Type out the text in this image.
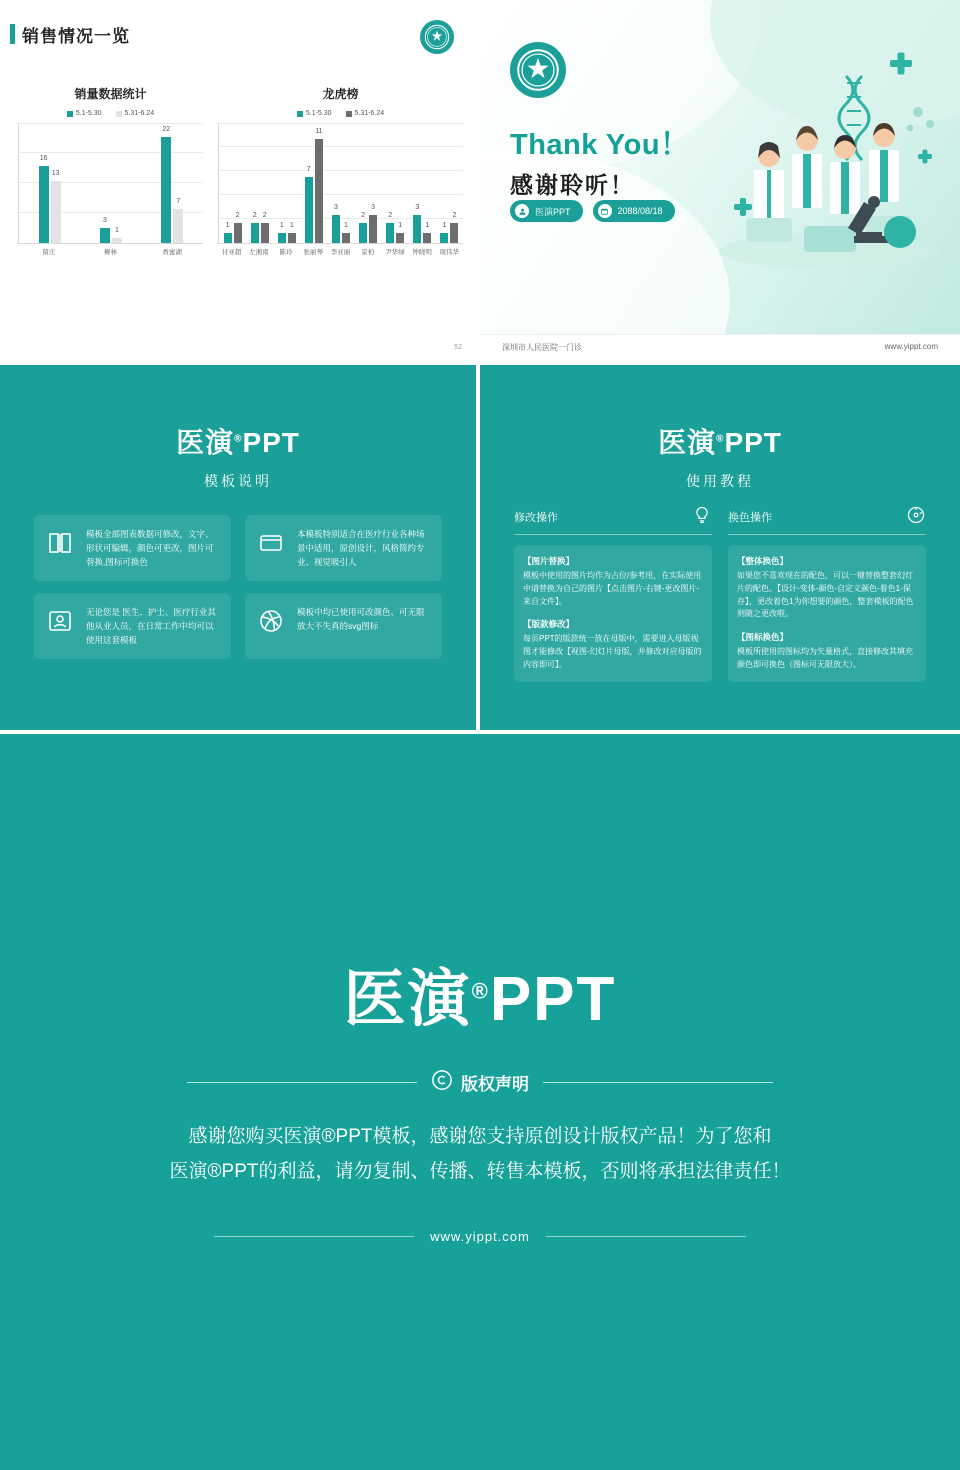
销售情况一览
销量数据统计
5.1-5.30	5.31-6.24
16
13
3
1
22
7
留庄	柳林	香蜜湖
龙虎榜
5.1-5.30	5.31-6.24
1
2 2 2
1 1
7
11
3
1
2
3
2
1
3
1 1
2
付亚超	左湘南	陈玲	张丽琴	李亚丽	景柏	尹华绿	钟晓明	周伟华
52
Thank You！
感谢聆听！
医演PPT	2088/08/18
深圳市人民医院一门诊	www.yippt.com
医演®PPT
模板说明

模板全部图表数据可修改，文字、形状可编辑，颜色可更改，图片可替换,图标可换色

本模板特别适合在医疗行业各种场景中适用，原创设计，风格简约专业、视觉吸引人

无论您是 医生、护士、医疗行业其他从业人员，在日常工作中均可以使用这套模板

模板中均已使用可改颜色、可无限放大不失真的svg图标

医演®PPT
使用教程
修改操作
【图片替换】

模板中使用的图片均作为占位/参考用，在实际使用中请替换为自己的图片【点击图片-右键-更改图片-来自文件】。

【版款修改】

每页PPT的版款统一放在母版中，需要进入母版视图才能修改【视图-幻灯片母版，并修改对应母版的内容即可】。

换色操作
【整体换色】

如果您不喜欢现在的配色，可以一键替换整套幻灯片的配色。【设计-变体-颜色-自定义颜色-着色1-保存】，更改着色1为你想要的颜色，整套模板的配色则随之更改啦。

【图标换色】

模板所使用的图标均为矢量格式，直接修改其填充颜色即可换色（图标可无限放大）。

医演®PPT
版权声明
感谢您购买医演®PPT模板，感谢您支持原创设计版权产品！为了您和
医演®PPT的利益，请勿复制、传播、转售本模板，否则将承担法律责任！
www.yippt.com
